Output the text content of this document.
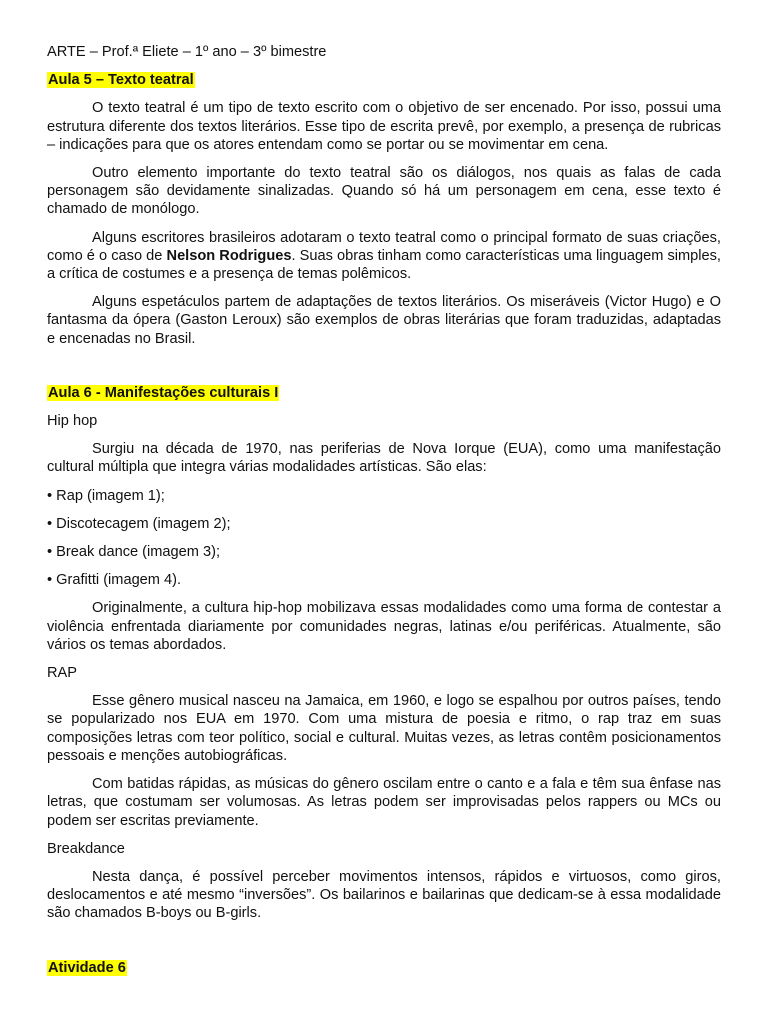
ARTE – Prof.ª Eliete – 1º ano – 3º bimestre

Aula 5 – Texto teatral

O texto teatral é um tipo de texto escrito com o objetivo de ser encenado. Por isso, possui uma estrutura diferente dos textos literários. Esse tipo de escrita prevê, por exemplo, a presença de rubricas – indicações para que os atores entendam como se portar ou se movimentar em cena.

Outro elemento importante do texto teatral são os diálogos, nos quais as falas de cada personagem são devidamente sinalizadas. Quando só há um personagem em cena, esse texto é chamado de monólogo.

Alguns escritores brasileiros adotaram o texto teatral como o principal formato de suas criações, como é o caso de Nelson Rodrigues. Suas obras tinham como características uma linguagem simples, a crítica de costumes e a presença de temas polêmicos.

Alguns espetáculos partem de adaptações de textos literários. Os miseráveis (Victor Hugo) e O fantasma da ópera (Gaston Leroux) são exemplos de obras literárias que foram traduzidas, adaptadas e encenadas no Brasil.

Aula 6 - Manifestações culturais I

Hip hop

Surgiu na década de 1970, nas periferias de Nova Iorque (EUA), como uma manifestação cultural múltipla que integra várias modalidades artísticas. São elas:

• Rap (imagem 1);

• Discotecagem (imagem 2);

• Break dance (imagem 3);

• Grafitti (imagem 4).

Originalmente, a cultura hip-hop mobilizava essas modalidades como uma forma de contestar a violência enfrentada diariamente por comunidades negras, latinas e/ou periféricas. Atualmente, são vários os temas abordados.

RAP

Esse gênero musical nasceu na Jamaica, em 1960, e logo se espalhou por outros países, tendo se popularizado nos EUA em 1970. Com uma mistura de poesia e ritmo, o rap traz em suas composições letras com teor político, social e cultural. Muitas vezes, as letras contêm posicionamentos pessoais e menções autobiográficas.

Com batidas rápidas, as músicas do gênero oscilam entre o canto e a fala e têm sua ênfase nas letras, que costumam ser volumosas. As letras podem ser improvisadas pelos rappers ou MCs ou podem ser escritas previamente.

Breakdance

Nesta dança, é possível perceber movimentos intensos, rápidos e virtuosos, como giros, deslocamentos e até mesmo “inversões”. Os bailarinos e bailarinas que dedicam-se à essa modalidade são chamados B-boys ou B-girls.

Atividade 6
